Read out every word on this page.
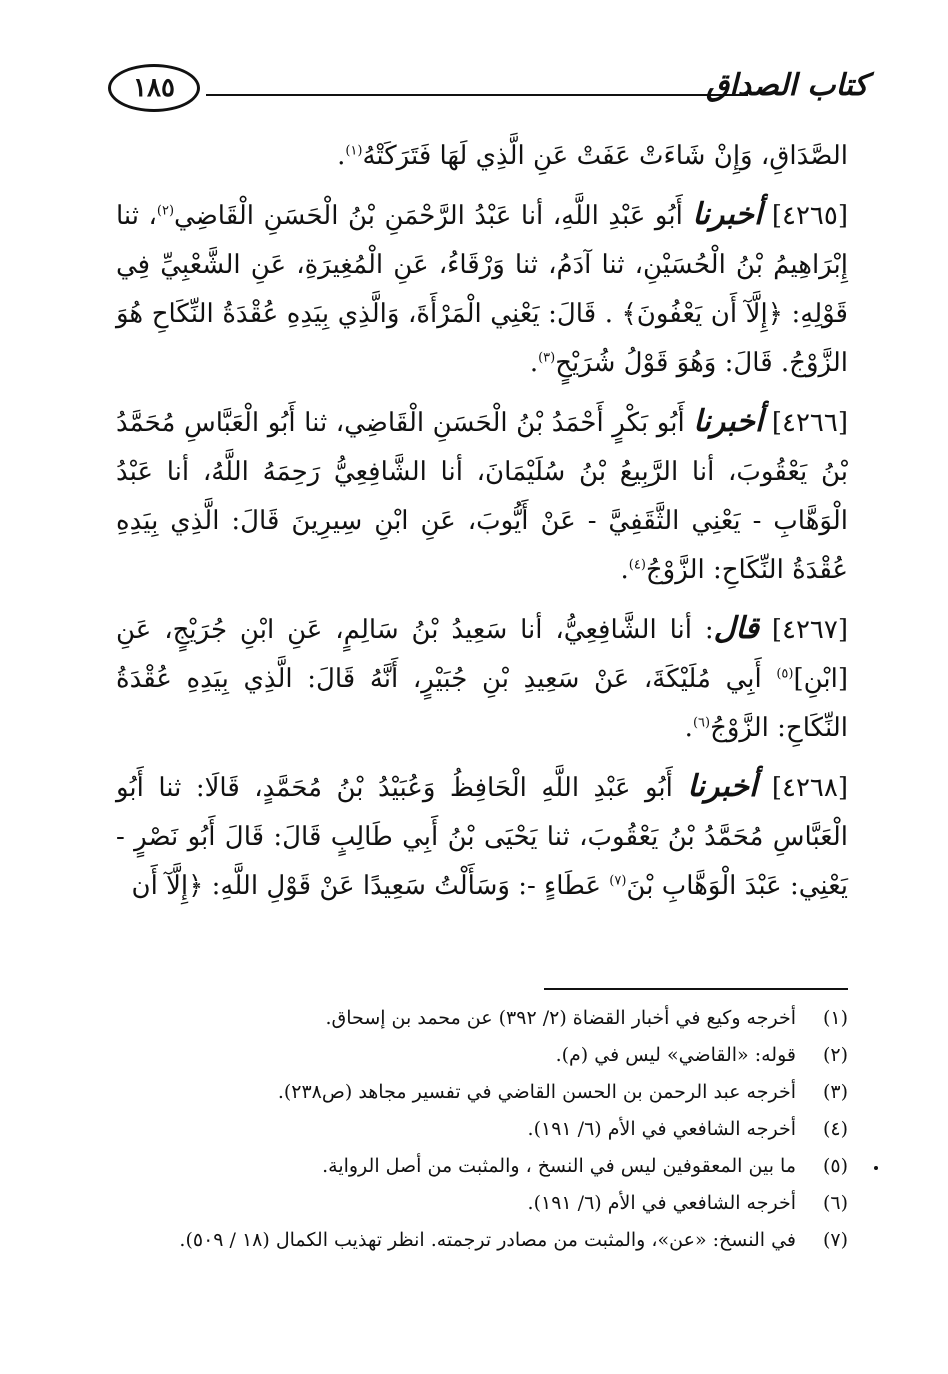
١٨٥	كتاب الصداق

الصَّدَاقِ، وَإِنْ شَاءَتْ عَفَتْ عَنِ الَّذِي لَهَا فَتَرَكَتْهُ$^{(١)}$.

[٤٢٦٥] أخبرنا أَبُو عَبْدِ اللَّهِ، أنا عَبْدُ الرَّحْمَنِ بْنُ الْحَسَنِ الْقَاضِي$^{(٢)}$، ثنا إِبْرَاهِيمُ بْنُ الْحُسَيْنِ، ثنا آدَمُ، ثنا وَرْقَاءُ، عَنِ الْمُغِيرَةِ، عَنِ الشَّعْبِيِّ فِي قَوْلِهِ: ﴿إِلَّآ أَن يَعْفُونَ﴾ . قَالَ: يَعْنِي الْمَرْأَةَ، وَالَّذِي بِيَدِهِ عُقْدَةُ النِّكَاحِ هُوَ الزَّوْجُ. قَالَ: وَهُوَ قَوْلُ شُرَيْحٍ$^{(٣)}$.

[٤٢٦٦] أخبرنا أَبُو بَكْرٍ أَحْمَدُ بْنُ الْحَسَنِ الْقَاضِي، ثنا أَبُو الْعَبَّاسِ مُحَمَّدُ بْنُ يَعْقُوبَ، أنا الرَّبِيعُ بْنُ سُلَيْمَانَ، أنا الشَّافِعِيُّ رَحِمَهُ اللَّهُ، أنا عَبْدُ الْوَهَّابِ - يَعْنِي الثَّقَفِيَّ - عَنْ أَيُّوبَ، عَنِ ابْنِ سِيرِينَ قَالَ: الَّذِي بِيَدِهِ عُقْدَةُ النِّكَاحِ: الزَّوْجُ$^{(٤)}$.

[٤٢٦٧] قال: أنا الشَّافِعِيُّ، أنا سَعِيدُ بْنُ سَالِمٍ، عَنِ ابْنِ جُرَيْجٍ، عَنِ [ابْنِ]$^{(٥)}$ أَبِي مُلَيْكَةَ، عَنْ سَعِيدِ بْنِ جُبَيْرٍ، أَنَّهُ قَالَ: الَّذِي بِيَدِهِ عُقْدَةُ النِّكَاحِ: الزَّوْجُ$^{(٦)}$.

[٤٢٦٨] أخبرنا أَبُو عَبْدِ اللَّهِ الْحَافِظُ وَعُبَيْدُ بْنُ مُحَمَّدٍ، قَالَا: ثنا أَبُو الْعَبَّاسِ مُحَمَّدُ بْنُ يَعْقُوبَ، ثنا يَحْيَى بْنُ أَبِي طَالِبٍ قَالَ: قَالَ أَبُو نَصْرٍ - يَعْنِي: عَبْدَ الْوَهَّابِ بْنَ$^{(٧)}$ عَطَاءٍ -: وَسَأَلْتُ سَعِيدًا عَنْ قَوْلِ اللَّهِ: ﴿إِلَّآ أَن

(١)
أخرجه وكيع في أخبار القضاة (٢/ ٣٩٢) عن محمد بن إسحاق.
(٢)
قوله: «القاضي» ليس في (م).
(٣)
أخرجه عبد الرحمن بن الحسن القاضي في تفسير مجاهد (ص٢٣٨).
(٤)
أخرجه الشافعي في الأم (٦/ ١٩١).
(٥)
ما بين المعقوفين ليس في النسخ ، والمثبت من أصل الرواية.
(٦)
أخرجه الشافعي في الأم (٦/ ١٩١).
(٧)
في النسخ: «عن»، والمثبت من مصادر ترجمته. انظر تهذيب الكمال (١٨ / ٥٠٩).
